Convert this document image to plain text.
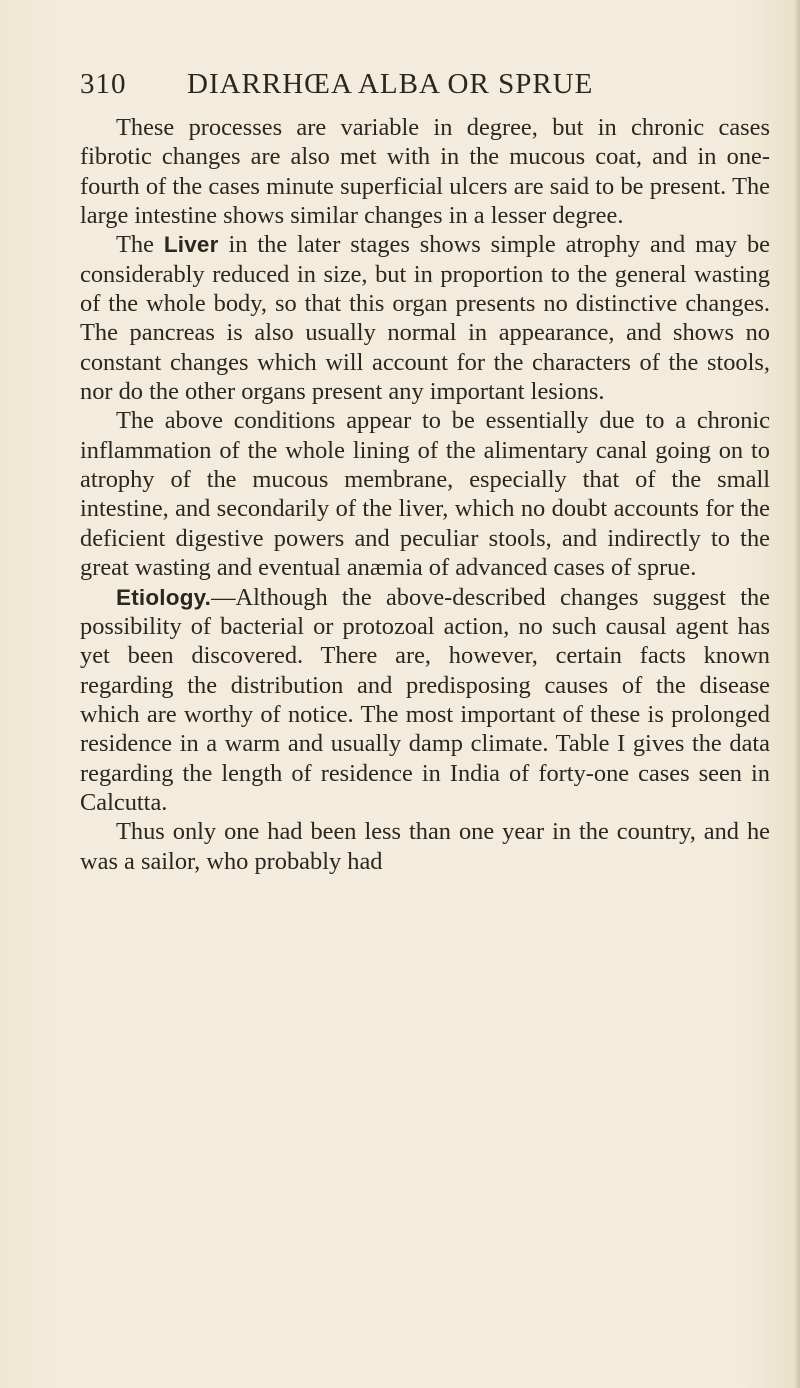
310 DIARRHŒA ALBA OR SPRUE

These processes are variable in degree, but in chronic cases fibrotic changes are also met with in the mucous coat, and in one-fourth of the cases minute superficial ulcers are said to be present. The large intestine shows similar changes in a lesser degree.

The Liver in the later stages shows simple atrophy and may be considerably reduced in size, but in proportion to the general wasting of the whole body, so that this organ presents no distinctive changes. The pancreas is also usually normal in appearance, and shows no constant changes which will account for the characters of the stools, nor do the other organs present any important lesions.

The above conditions appear to be essentially due to a chronic inflammation of the whole lining of the alimentary canal going on to atrophy of the mucous membrane, especially that of the small intestine, and secondarily of the liver, which no doubt accounts for the deficient digestive powers and peculiar stools, and indirectly to the great wasting and eventual anæmia of advanced cases of sprue.

Etiology.—Although the above-described changes suggest the possibility of bacterial or protozoal action, no such causal agent has yet been discovered. There are, however, certain facts known regarding the distribution and predisposing causes of the disease which are worthy of notice. The most important of these is prolonged residence in a warm and usually damp climate. Table I gives the data regarding the length of residence in India of forty-one cases seen in Calcutta.

Thus only one had been less than one year in the country, and he was a sailor, who probably had
